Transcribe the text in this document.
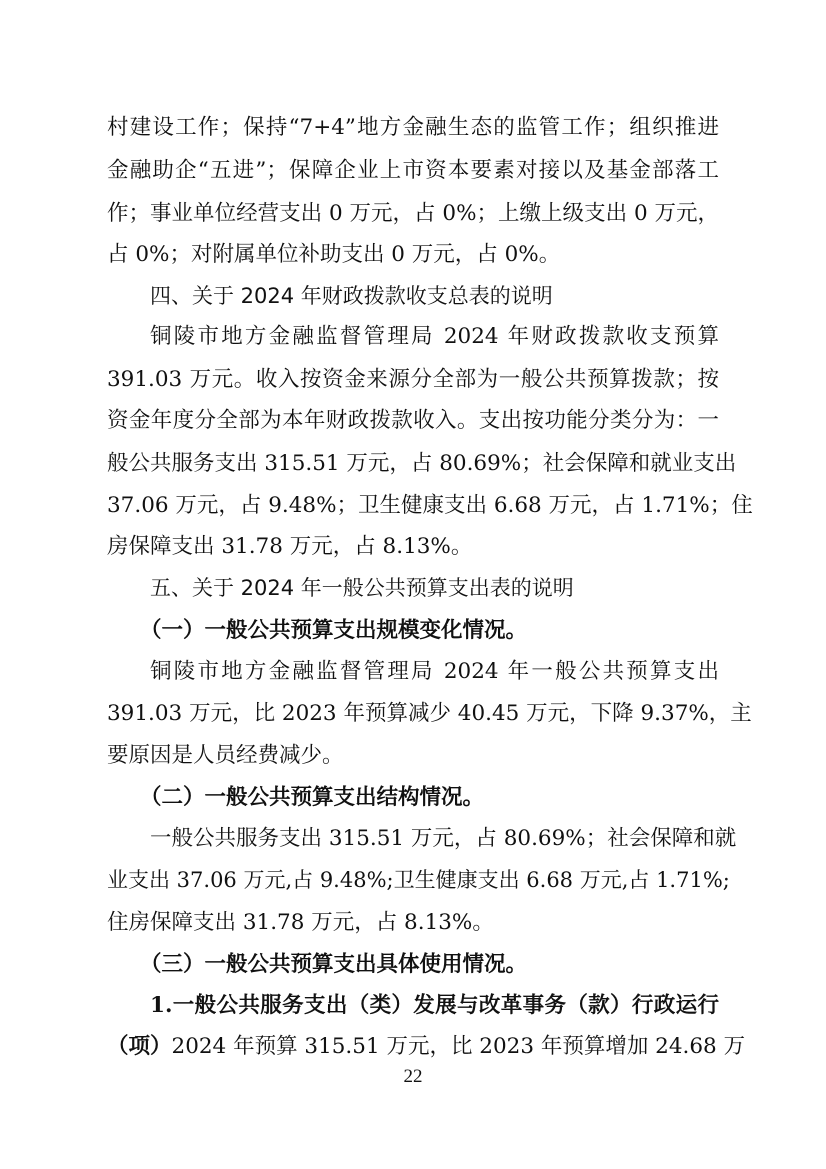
村建设工作；保持“7+4”地方金融生态的监管工作；组织推进
金融助企“五进”；保障企业上市资本要素对接以及基金部落工
作；事业单位经营支出 0 万元，占 0%；上缴上级支出 0 万元，
占 0%；对附属单位补助支出 0 万元，占 0%。
四、关于 2024 年财政拨款收支总表的说明
铜陵市地方金融监督管理局 2024 年财政拨款收支预算
391.03 万元。收入按资金来源分全部为一般公共预算拨款；按
资金年度分全部为本年财政拨款收入。支出按功能分类分为：一
般公共服务支出 315.51 万元，占 80.69%；社会保障和就业支出
37.06 万元，占 9.48%；卫生健康支出 6.68 万元，占 1.71%；住
房保障支出 31.78 万元，占 8.13%。
五、关于 2024 年一般公共预算支出表的说明
（一）一般公共预算支出规模变化情况。
铜陵市地方金融监督管理局 2024 年一般公共预算支出
391.03 万元，比 2023 年预算减少 40.45 万元，下降 9.37%，主
要原因是人员经费减少。
（二）一般公共预算支出结构情况。
一般公共服务支出 315.51 万元，占 80.69%；社会保障和就
业支出 37.06 万元,占 9.48%;卫生健康支出 6.68 万元,占 1.71%;
住房保障支出 31.78 万元，占 8.13%。
（三）一般公共预算支出具体使用情况。
1.一般公共服务支出（类）发展与改革事务（款）行政运行
（项）2024 年预算 315.51 万元，比 2023 年预算增加 24.68 万
22
